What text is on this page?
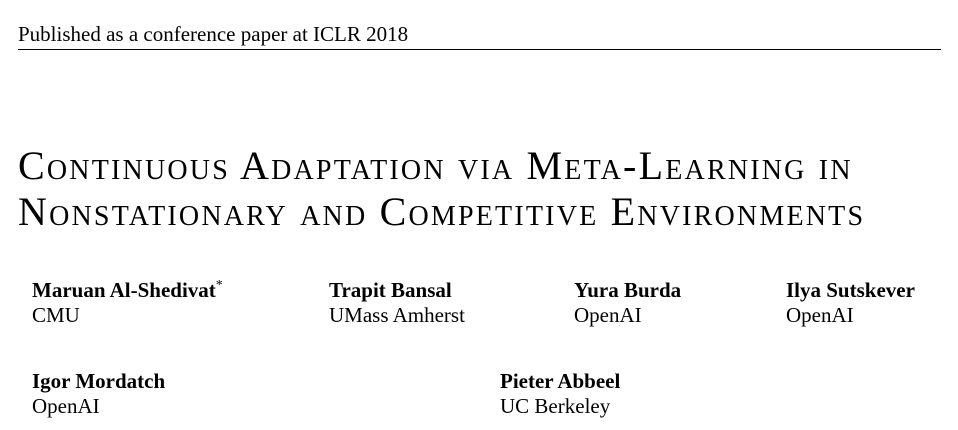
Published as a conference paper at ICLR 2018
Continuous Adaptation via Meta-Learning in
Nonstationary and Competitive Environments
Maruan Al-Shedivat*
CMU
Trapit Bansal
UMass Amherst
Yura Burda
OpenAI
Ilya Sutskever
OpenAI
Igor Mordatch
OpenAI
Pieter Abbeel
UC Berkeley
